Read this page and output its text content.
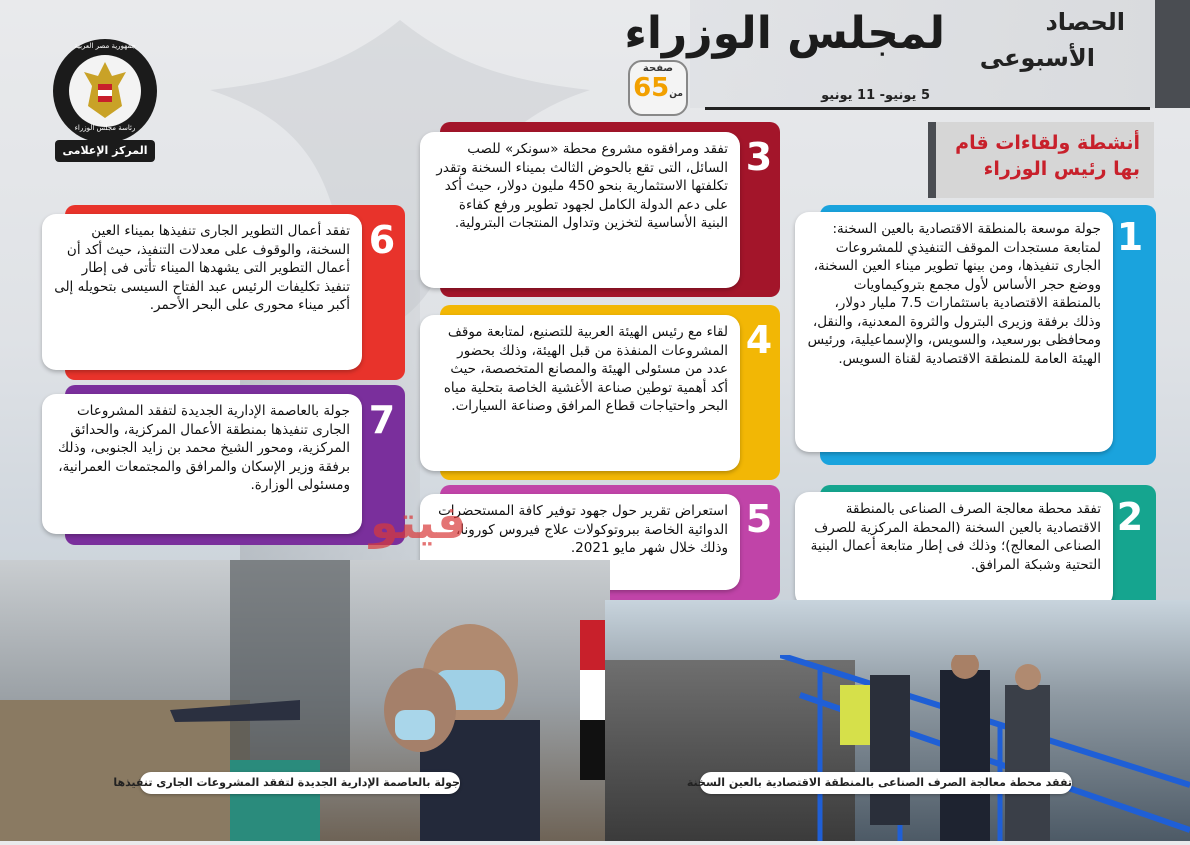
لمجلس الوزراء	الحصاد
الأسبوعى
5 يونيو- 11 يونيو
صفحة
6 من5
المركز الإعلامى
جمهورية مصر العربية
رئاسة مجلس الوزراء
أنشطة ولقاءات قام
بها رئيس الوزراء
1
جولة موسعة بالمنطقة الاقتصادية بالعين السخنة: لمتابعة مستجدات الموقف التنفيذي للمشروعات الجارى تنفيذها، ومن بينها تطوير ميناء العين السخنة، ووضع حجر الأساس لأول مجمع بتروكيماويات بالمنطقة الاقتصادية باستثمارات 7.5 مليار دولار، وذلك برفقة وزيرى البترول والثروة المعدنية، والنقل، ومحافظى بورسعيد، والسويس، والإسماعيلية، ورئيس الهيئة العامة للمنطقة الاقتصادية لقناة السويس.
2
تفقد محطة معالجة الصرف الصناعى بالمنطقة الاقتصادية بالعين السخنة (المحطة المركزية للصرف الصناعى المعالج)؛ وذلك فى إطار متابعة أعمال البنية التحتية وشبكة المرافق.
3
تفقد ومرافقوه مشروع محطة «سونكر» للصب السائل، التى تقع بالحوض الثالث بميناء السخنة وتقدر تكلفتها الاستثمارية بنحو 450 مليون دولار، حيث أكد على دعم الدولة الكامل لجهود تطوير ورفع كفاءة البنية الأساسية لتخزين وتداول المنتجات البترولية.
4
لقاء مع رئيس الهيئة العربية للتصنيع، لمتابعة موقف المشروعات المنفذة من قبل الهيئة، وذلك بحضور عدد من مسئولى الهيئة والمصانع المتخصصة، حيث أكد أهمية توطين صناعة الأغشية الخاصة بتحلية مياه البحر واحتياجات قطاع المرافق وصناعة السيارات.
5
استعراض تقرير حول جهود توفير كافة المستحضرات الدوائية الخاصة ببروتوكولات علاج فيروس كورونا، وذلك خلال شهر مايو 2021.
6
تفقد أعمال التطوير الجارى تنفيذها بميناء العين السخنة، والوقوف على معدلات التنفيذ، حيث أكد أن أعمال التطوير التى يشهدها الميناء تأتى فى إطار تنفيذ تكليفات الرئيس عبد الفتاح السيسى بتحويله إلى أكبر ميناء محورى على البحر الأحمر.
7
جولة بالعاصمة الإدارية الجديدة لتفقد المشروعات الجارى تنفيذها بمنطقة الأعمال المركزية، والحدائق المركزية، ومحور الشيخ محمد بن زايد الجنوبى، وذلك برفقة وزير الإسكان والمرافق والمجتمعات العمرانية، ومسئولى الوزارة.
فيتو
جولة بالعاصمة الإدارية الجديدة لتفقد المشروعات الجارى تنفيذها	تفقد محطة معالجة الصرف الصناعى بالمنطقة الاقتصادية بالعين السخنة
